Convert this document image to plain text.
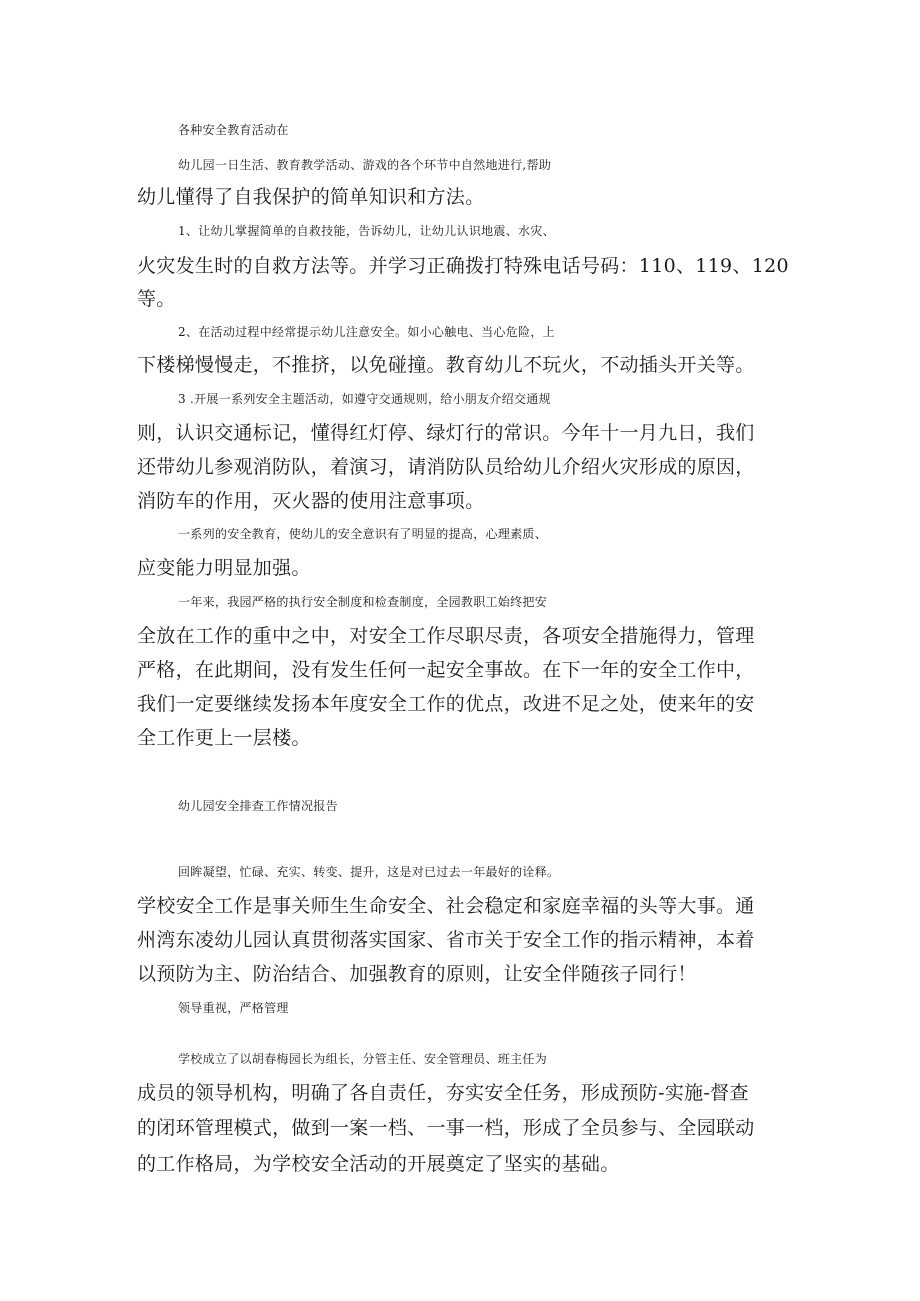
各种安全教育活动在
幼儿园一日生活、教育教学活动、游戏的各个环节中自然地进行,帮助
幼儿懂得了自我保护的简单知识和方法。
1、让幼儿掌握简单的自救技能，告诉幼儿，让幼儿认识地震、水灾、
火灾发生时的自救方法等。并学习正确拨打特殊电话号码：110、119、120
等。
2、在活动过程中经常提示幼儿注意安全。如小心触电、当心危险，上
下楼梯慢慢走，不推挤，以免碰撞。教育幼儿不玩火，不动插头开关等。
3 .开展一系列安全主题活动，如遵守交通规则，给小朋友介绍交通规
则，认识交通标记，懂得红灯停、绿灯行的常识。今年十一月九日，我们
还带幼儿参观消防队，着演习，请消防队员给幼儿介绍火灾形成的原因，
消防车的作用，灭火器的使用注意事项。
一系列的安全教育，使幼儿的安全意识有了明显的提高，心理素质、
应变能力明显加强。
一年来，我园严格的执行安全制度和检查制度，全园教职工始终把安
全放在工作的重中之中，对安全工作尽职尽责，各项安全措施得力，管理
严格，在此期间，没有发生任何一起安全事故。在下一年的安全工作中，
我们一定要继续发扬本年度安全工作的优点，改进不足之处，使来年的安
全工作更上一层楼。
幼儿园安全排查工作情况报告
回眸凝望，忙碌、充实、转变、提升，这是对已过去一年最好的诠释。
学校安全工作是事关师生生命安全、社会稳定和家庭幸福的头等大事。通
州湾东凌幼儿园认真贯彻落实国家、省市关于安全工作的指示精神，本着
以预防为主、防治结合、加强教育的原则，让安全伴随孩子同行！
领导重视，严格管理
学校成立了以胡春梅园长为组长，分管主任、安全管理员、班主任为
成员的领导机构，明确了各自责任，夯实安全任务，形成预防-实施-督查
的闭环管理模式，做到一案一档、一事一档，形成了全员参与、全园联动
的工作格局，为学校安全活动的开展奠定了坚实的基础。
